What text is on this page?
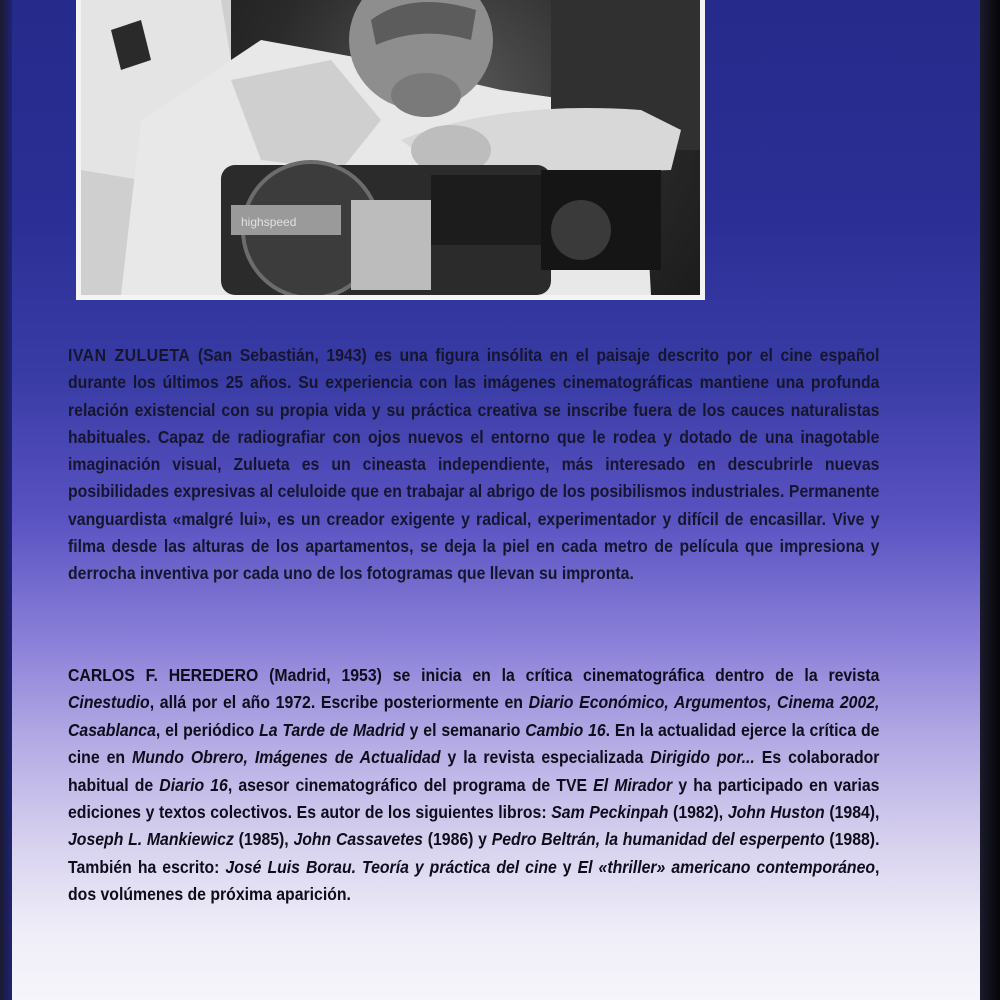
highspeed

IVAN ZULUETA (San Sebastián, 1943) es una figura insólita en el paisaje descrito por el cine español durante los últimos 25 años. Su experiencia con las imágenes cinematográficas mantiene una profunda relación existencial con su propia vida y su práctica creativa se inscribe fuera de los cauces naturalistas habituales. Capaz de radiografiar con ojos nuevos el entorno que le rodea y dotado de una inagotable imaginación visual, Zulueta es un cineasta independiente, más interesado en descubrirle nuevas posibilidades expresivas al celuloide que en trabajar al abrigo de los posibilismos industriales. Permanente vanguardista «malgré lui», es un creador exigente y radical, experimentador y difícil de encasillar. Vive y filma desde las alturas de los apartamentos, se deja la piel en cada metro de película que impresiona y derrocha inventiva por cada uno de los fotogramas que llevan su impronta.

CARLOS F. HEREDERO (Madrid, 1953) se inicia en la crítica cinematográfica dentro de la revista Cinestudio, allá por el año 1972. Escribe posteriormente en Diario Económico, Argumentos, Cinema 2002, Casablanca, el periódico La Tarde de Madrid y el semanario Cambio 16. En la actualidad ejerce la crítica de cine en Mundo Obrero, Imágenes de Actualidad y la revista especializada Dirigido por... Es colaborador habitual de Diario 16, asesor cinematográfico del programa de TVE El Mirador y ha participado en varias ediciones y textos colectivos. Es autor de los siguientes libros: Sam Peckinpah (1982), John Huston (1984), Joseph L. Mankiewicz (1985), John Cassavetes (1986) y Pedro Beltrán, la humanidad del esperpento (1988). También ha escrito: José Luis Borau. Teoría y práctica del cine y El «thriller» americano contemporáneo, dos volúmenes de próxima aparición.
